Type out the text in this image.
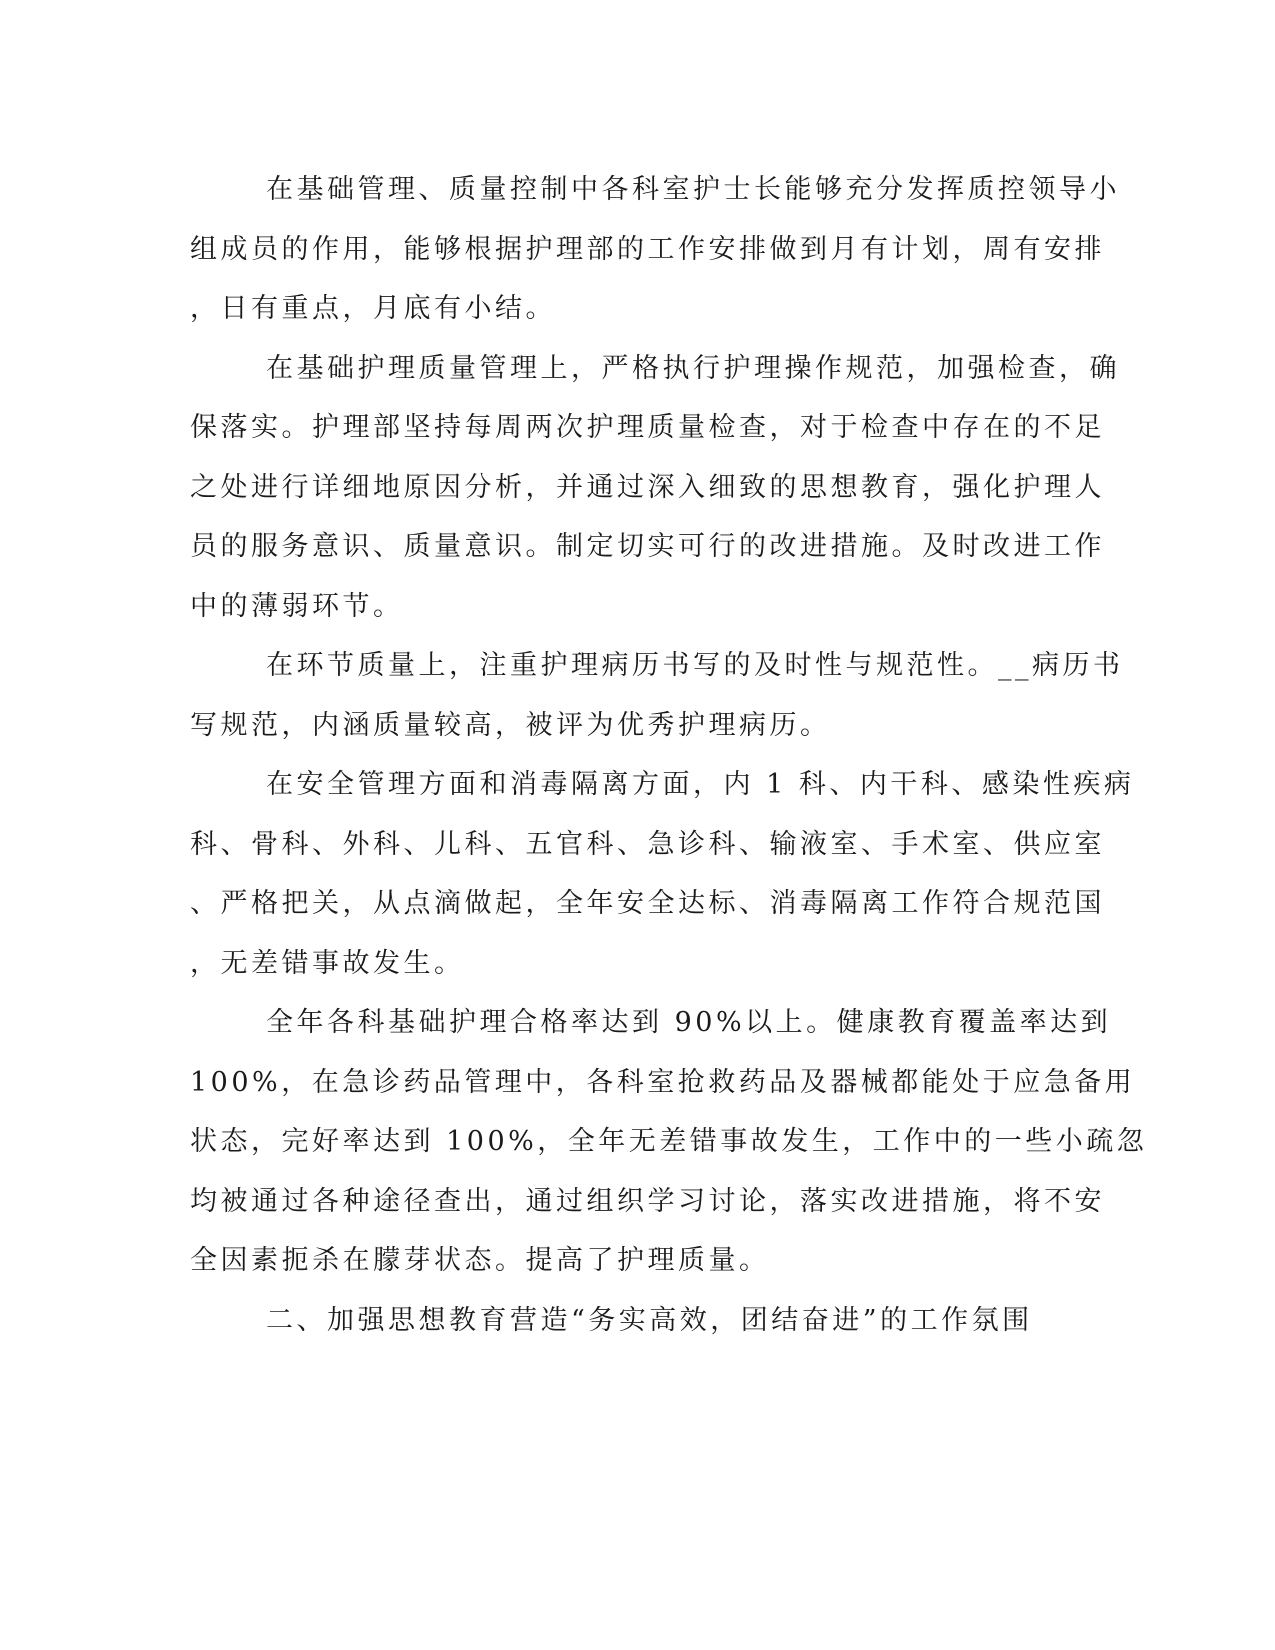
在基础管理、质量控制中各科室护士长能够充分发挥质控领导小
组成员的作用，能够根据护理部的工作安排做到月有计划，周有安排
，日有重点，月底有小结。
在基础护理质量管理上，严格执行护理操作规范，加强检查，确
保落实。护理部坚持每周两次护理质量检查，对于检查中存在的不足
之处进行详细地原因分析，并通过深入细致的思想教育，强化护理人
员的服务意识、质量意识。制定切实可行的改进措施。及时改进工作
中的薄弱环节。
在环节质量上，注重护理病历书写的及时性与规范性。__病历书
写规范，内涵质量较高，被评为优秀护理病历。
在安全管理方面和消毒隔离方面，内 1 科、内干科、感染性疾病
科、骨科、外科、儿科、五官科、急诊科、输液室、手术室、供应室
、严格把关，从点滴做起，全年安全达标、消毒隔离工作符合规范国
，无差错事故发生。
全年各科基础护理合格率达到 90%以上。健康教育覆盖率达到
100%，在急诊药品管理中，各科室抢救药品及器械都能处于应急备用
状态，完好率达到 100%，全年无差错事故发生，工作中的一些小疏忽
均被通过各种途径查出，通过组织学习讨论，落实改进措施，将不安
全因素扼杀在朦芽状态。提高了护理质量。
二、加强思想教育营造“务实高效，团结奋进”的工作氛围
